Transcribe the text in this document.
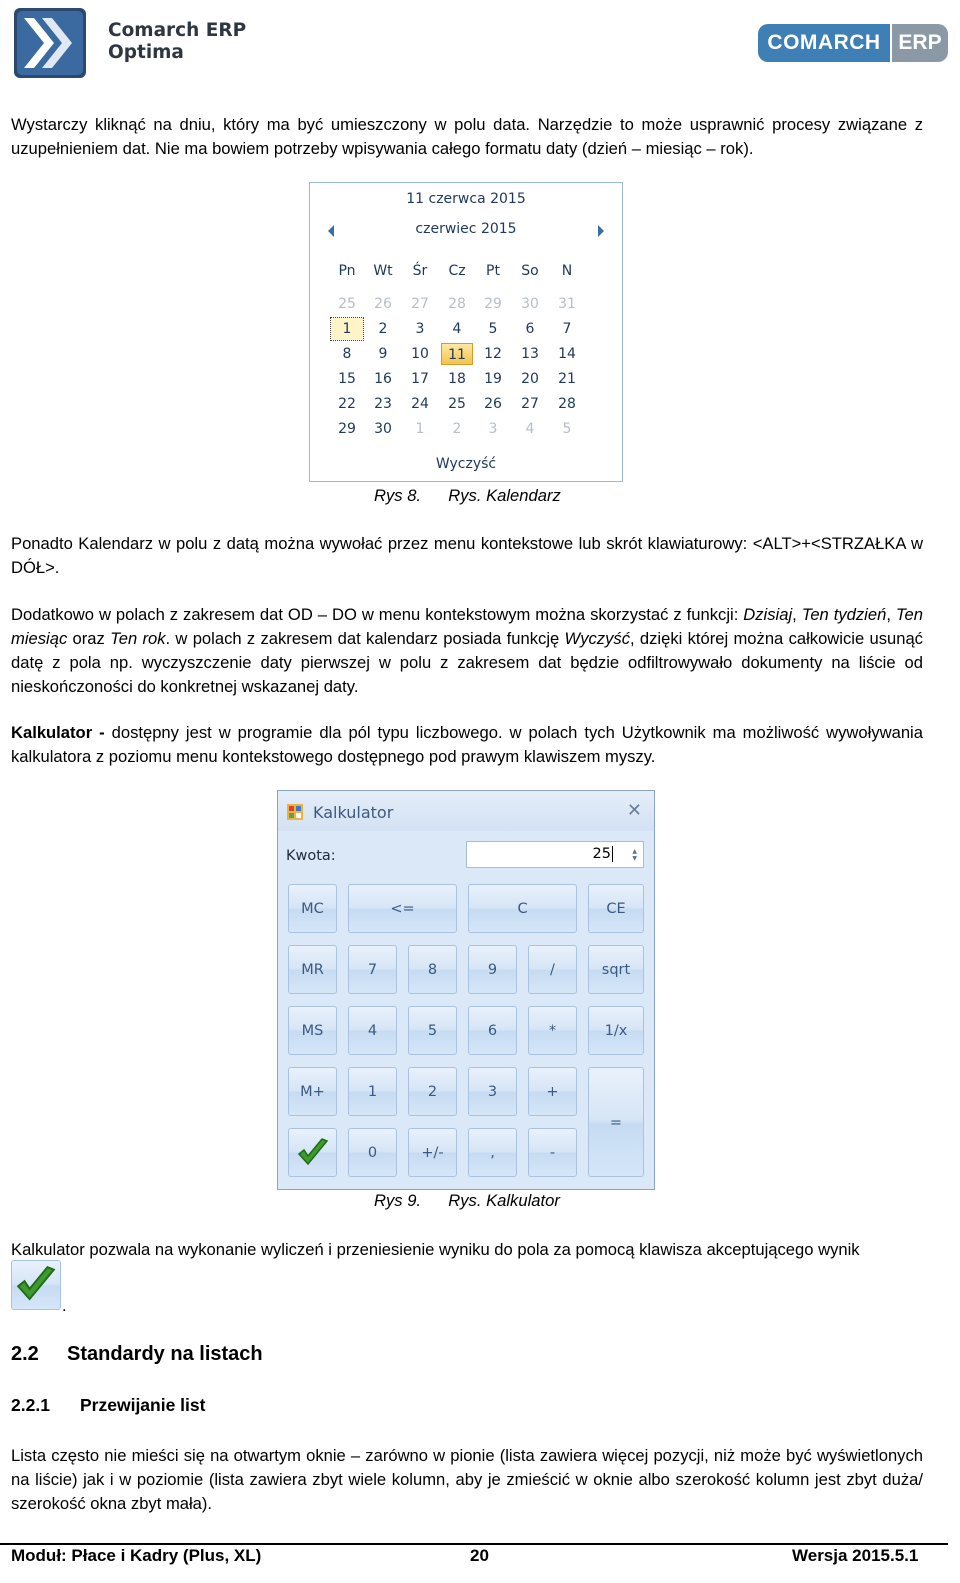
Comarch ERP
Optima	COMARCH ERP
Wystarczy kliknąć na dniu, który ma być umieszczony w polu data. Narzędzie to może usprawnić procesy związane z uzupełnieniem dat. Nie ma bowiem potrzeby wpisywania całego formatu daty (dzień – miesiąc – rok).
11 czerwca 2015
czerwiec 2015
Pn	Wt	Śr	Cz	Pt	So	N
25	26	27	28	29	30	31
1	2	3	4	5	6	7
8	9	10	11	12	13	14
15	16	17	18	19	20	21
22	23	24	25	26	27	28
29	30	1	2	3	4	5
Wyczyść
Rys 8. Rys. Kalendarz
Ponadto Kalendarz w polu z datą można wywołać przez menu kontekstowe lub skrót klawiaturowy: <ALT>+<STRZAŁKA w DÓŁ>.
Dodatkowo w polach z zakresem dat OD – DO w menu kontekstowym można skorzystać z funkcji: Dzisiaj, Ten tydzień, Ten miesiąc oraz Ten rok. w polach z zakresem dat kalendarz posiada funkcję Wyczyść, dzięki której można całkowicie usunąć datę z pola np. wyczyszczenie daty pierwszej w polu z zakresem dat będzie odfiltrowywało dokumenty na liście od nieskończoności do konkretnej wskazanej daty.
Kalkulator - dostępny jest w programie dla pól typu liczbowego. w polach tych Użytkownik ma możliwość wywoływania kalkulatora z poziomu menu kontekstowego dostępnego pod prawym klawiszem myszy.
Kalkulator	✕
Kwota:	25	▲
▼
MC	<=	C	CE
MR	7	8	9	/	sqrt
MS	4	5	6	*	1/x
M+	1	2	3	+
=
0	+/-	,	-
Rys 9. Rys. Kalkulator
Kalkulator pozwala na wykonanie wyliczeń i przeniesienie wyniku do pola za pomocą klawisza akceptującego wynik
.
2.2 Standardy na listach
2.2.1 Przewijanie list
Lista często nie mieści się na otwartym oknie – zarówno w pionie (lista zawiera więcej pozycji, niż może być wyświetlonych na liście) jak i w poziomie (lista zawiera zbyt wiele kolumn, aby je zmieścić w oknie albo szerokość kolumn jest zbyt duża/ szerokość okna zbyt mała).
Moduł: Płace i Kadry (Plus, XL)	20	Wersja 2015.5.1
